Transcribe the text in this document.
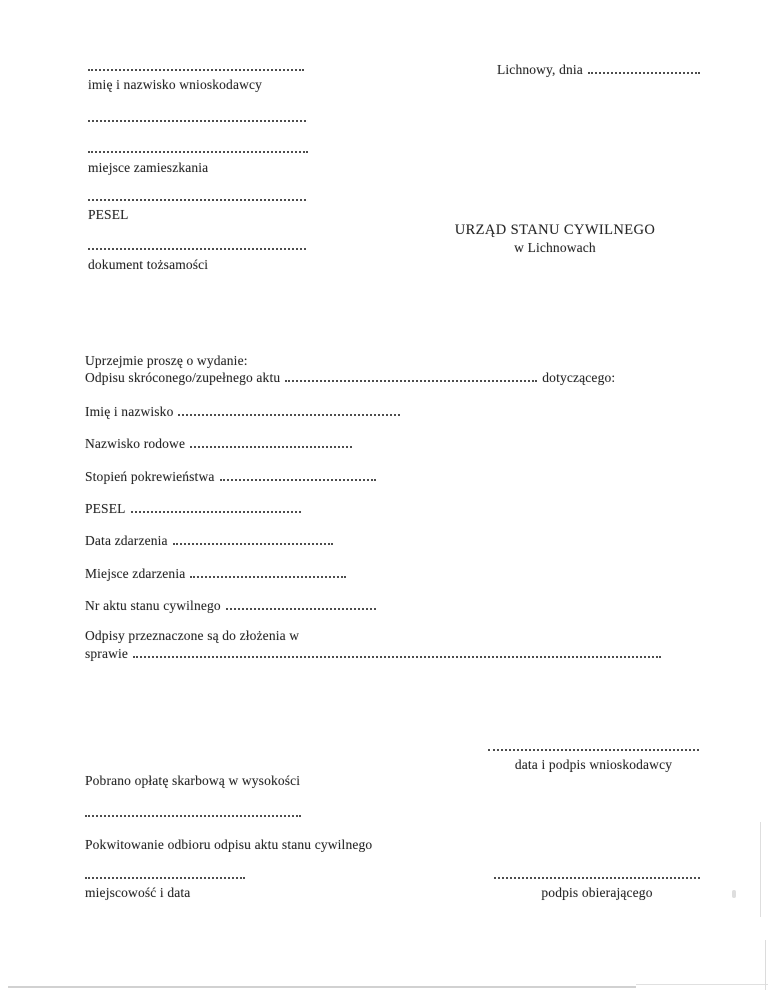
imię i nazwisko wnioskodawcy
miejsce zamieszkania
PESEL
dokument tożsamości
Lichnowy, dnia
URZĄD STANU CYWILNEGO
w Lichnowach
Uprzejmie proszę o wydanie:
Odpisu skróconego/zupełnego aktu	dotyczącego:
Imię i nazwisko
Nazwisko rodowe
Stopień pokrewieństwa
PESEL
Data zdarzenia
Miejsce zdarzenia
Nr aktu stanu cywilnego
Odpisy przeznaczone są do złożenia w
sprawie
data i podpis wnioskodawcy
Pobrano opłatę skarbową w wysokości
Pokwitowanie odbioru odpisu aktu stanu cywilnego
miejscowość i data	podpis obierającego
